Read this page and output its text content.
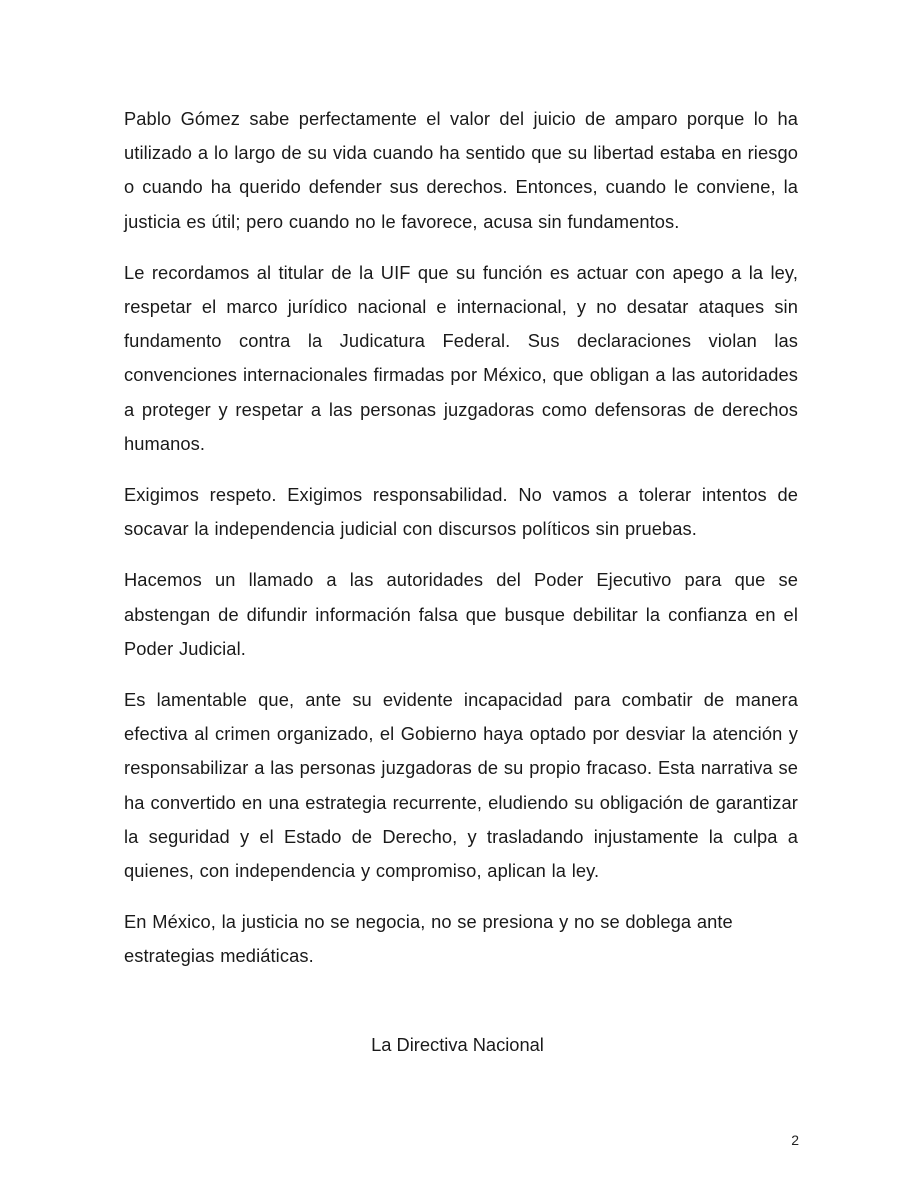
Pablo Gómez sabe perfectamente el valor del juicio de amparo porque lo ha utilizado a lo largo de su vida cuando ha sentido que su libertad estaba en riesgo o cuando ha querido defender sus derechos. Entonces, cuando le conviene, la justicia es útil; pero cuando no le favorece, acusa sin fundamentos.

Le recordamos al titular de la UIF que su función es actuar con apego a la ley, respetar el marco jurídico nacional e internacional, y no desatar ataques sin fundamento contra la Judicatura Federal. Sus declaraciones violan las convenciones internacionales firmadas por México, que obligan a las autoridades a proteger y respetar a las personas juzgadoras como defensoras de derechos humanos.

Exigimos respeto. Exigimos responsabilidad. No vamos a tolerar intentos de socavar la independencia judicial con discursos políticos sin pruebas.

Hacemos un llamado a las autoridades del Poder Ejecutivo para que se abstengan de difundir información falsa que busque debilitar la confianza en el Poder Judicial.

Es lamentable que, ante su evidente incapacidad para combatir de manera efectiva al crimen organizado, el Gobierno haya optado por desviar la atención y responsabilizar a las personas juzgadoras de su propio fracaso. Esta narrativa se ha convertido en una estrategia recurrente, eludiendo su obligación de garantizar la seguridad y el Estado de Derecho, y trasladando injustamente la culpa a quienes, con independencia y compromiso, aplican la ley.

En México, la justicia no se negocia, no se presiona y no se doblega ante estrategias mediáticas.

La Directiva Nacional
2
